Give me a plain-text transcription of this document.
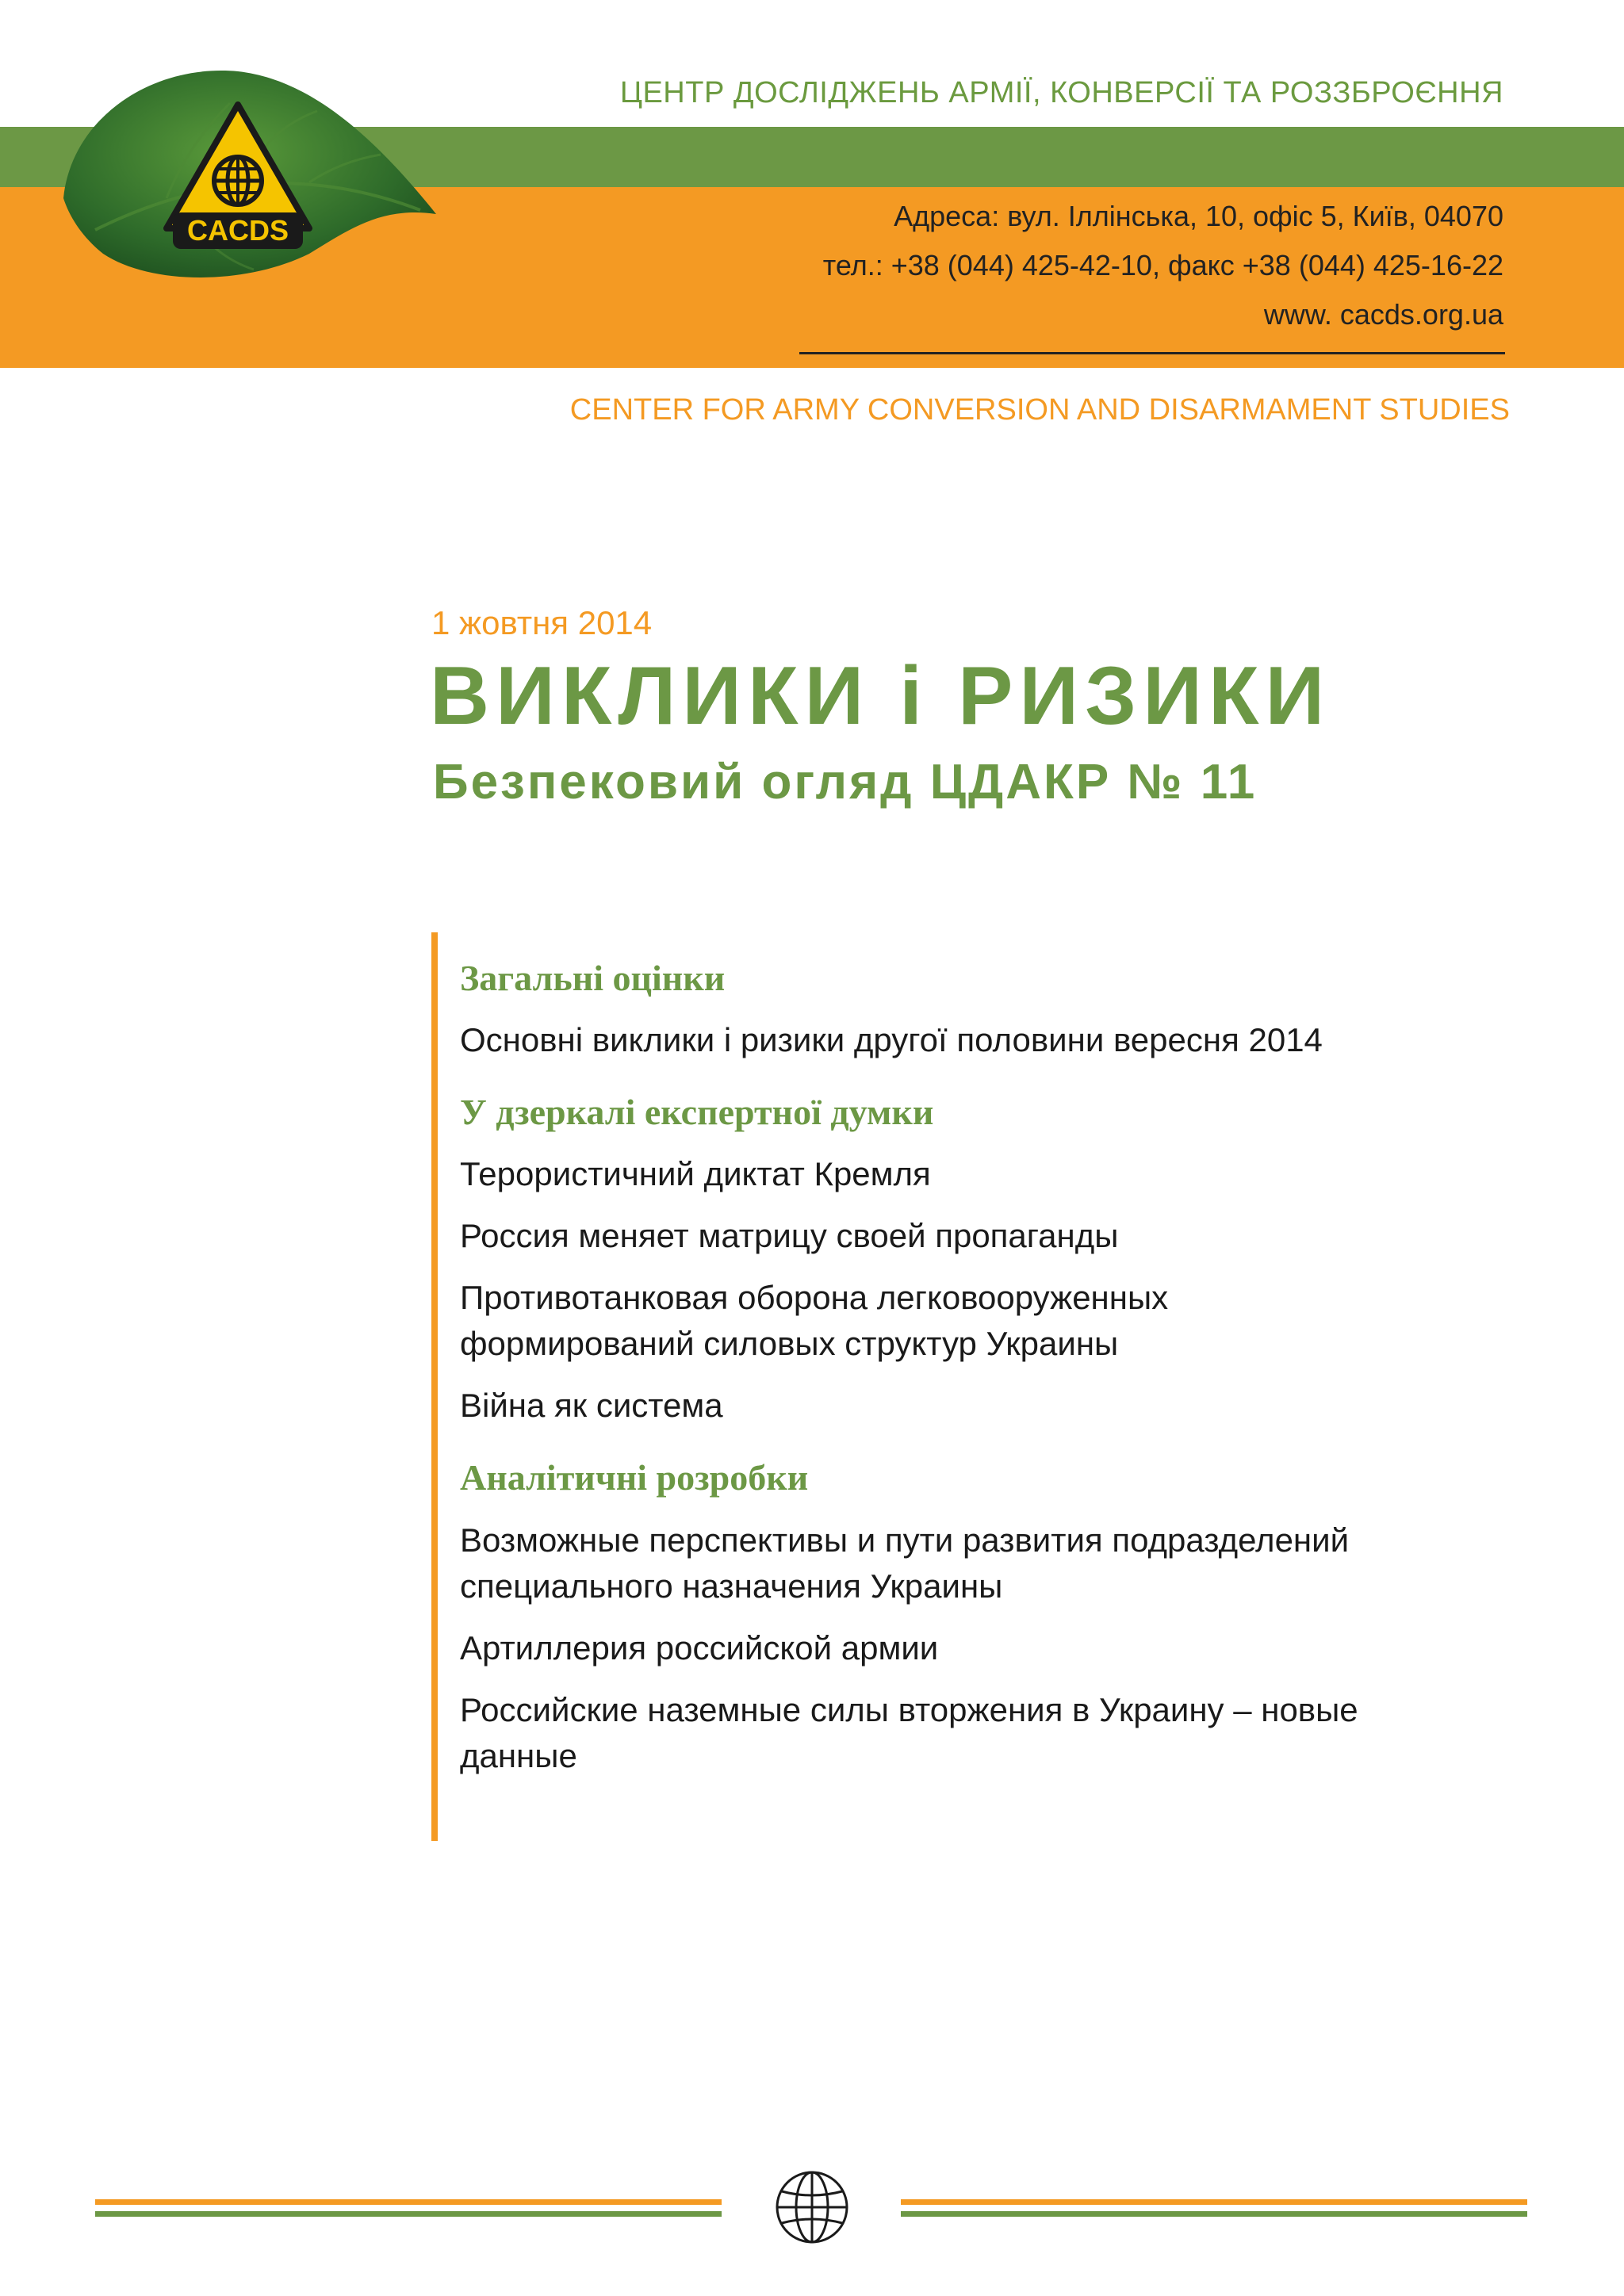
ЦЕНТР ДОСЛІДЖЕНЬ АРМІЇ, КОНВЕРСІЇ ТА РОЗЗБРОЄННЯ
CACDS	Адреса: вул. Іллінська, 10, офіс 5, Київ, 04070
тел.: +38 (044) 425-42-10, факс +38 (044) 425-16-22
www. cacds.org.ua
CENTER FOR ARMY CONVERSION AND DISARMAMENT STUDIES
1 жовтня 2014
ВИКЛИКИ і РИЗИКИ
Безпековий огляд ЦДАКР № 11
Загальні оцінки
Основні виклики і ризики другої половини вересня 2014
У дзеркалі експертної думки
Терористичний диктат Кремля
Россия меняет матрицу своей пропаганды
Противотанковая оборона легковооруженных формирований силовых структур Украины
Війна як система
Аналітичні розробки
Возможные перспективы и пути развития подразделений специального назначения Украины
Артиллерия российской армии
Российские наземные силы вторжения в Украину – новые данные
